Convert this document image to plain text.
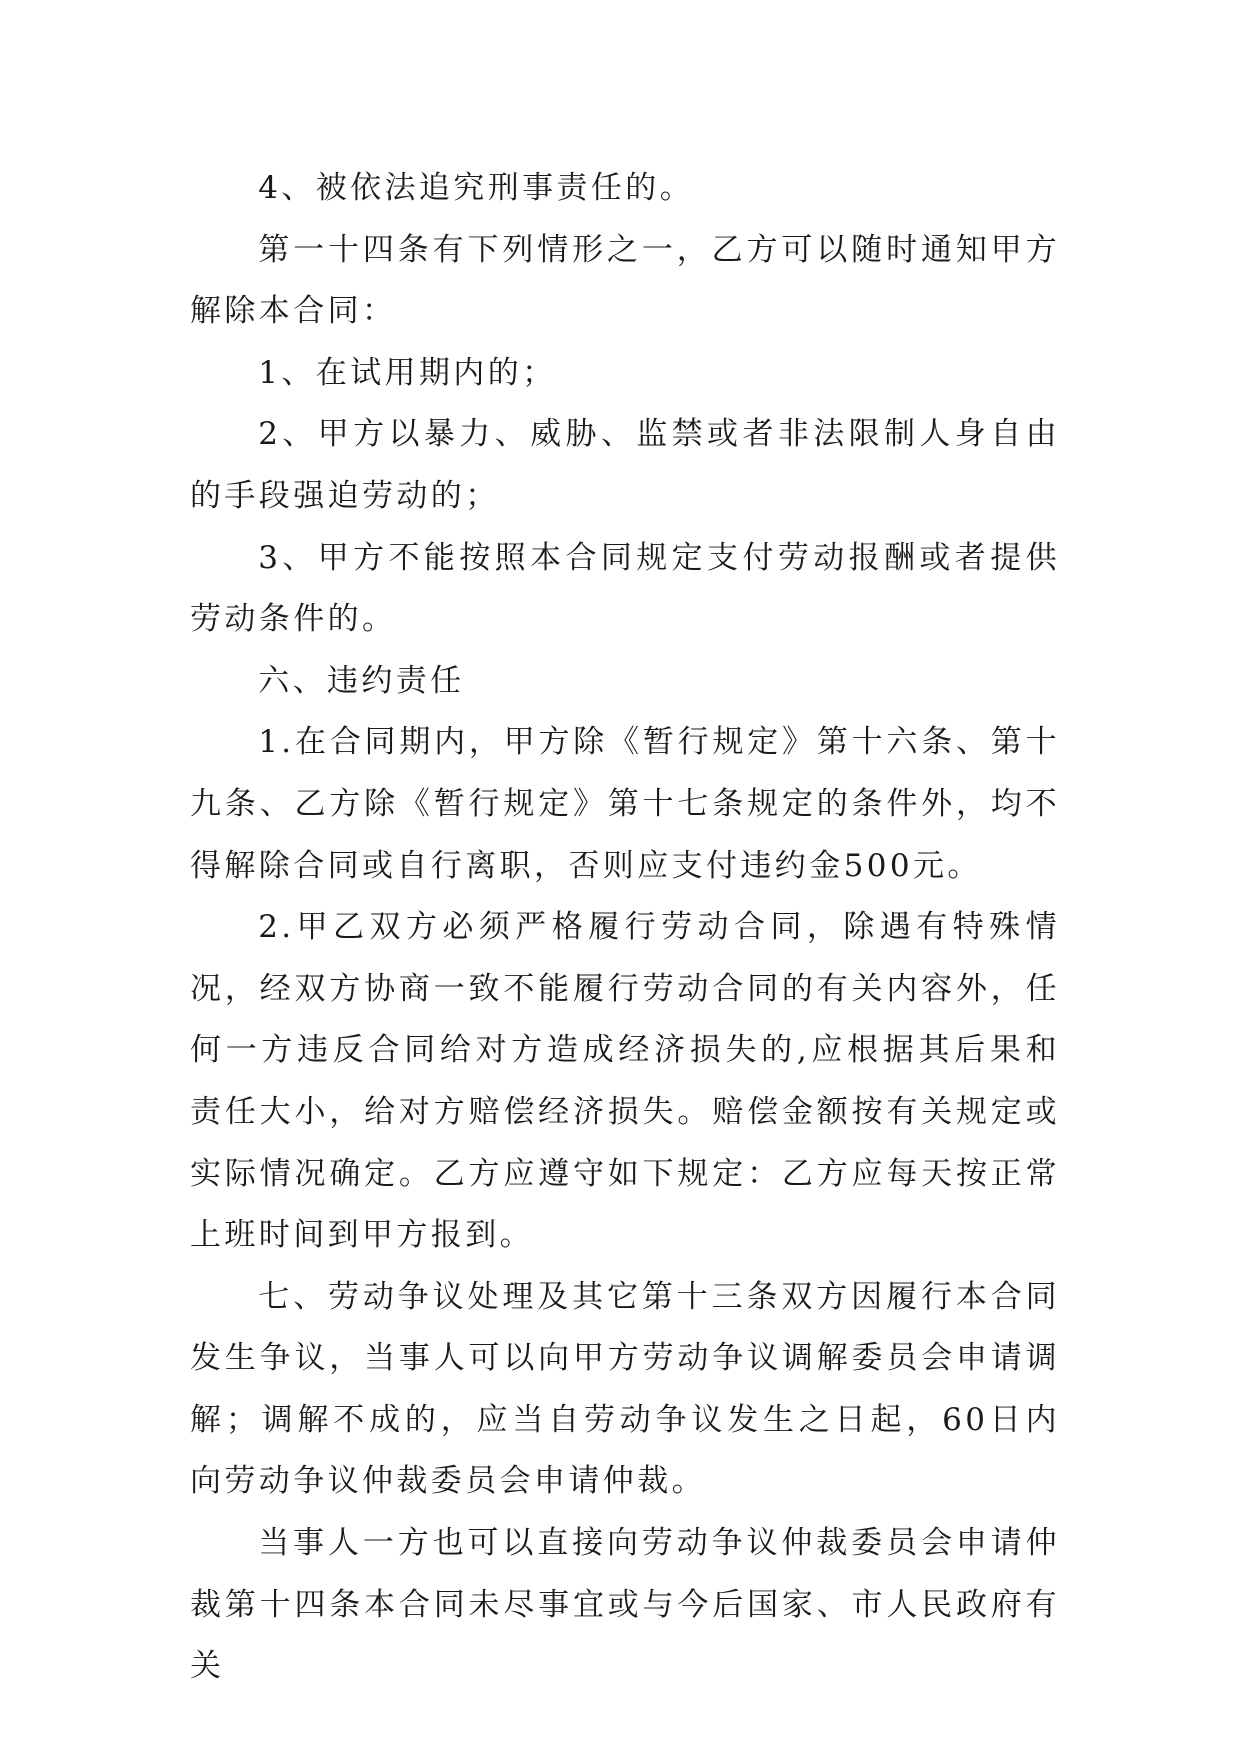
4、被依法追究刑事责任的。

第一十四条有下列情形之一，乙方可以随时通知甲方解除本合同：

1、在试用期内的；

2、甲方以暴力、威胁、监禁或者非法限制人身自由的手段强迫劳动的；

3、甲方不能按照本合同规定支付劳动报酬或者提供劳动条件的。

六、违约责任

1.在合同期内，甲方除《暂行规定》第十六条、第十九条、乙方除《暂行规定》第十七条规定的条件外，均不得解除合同或自行离职，否则应支付违约金500元。

2.甲乙双方必须严格履行劳动合同，除遇有特殊情况，经双方协商一致不能履行劳动合同的有关内容外，任何一方违反合同给对方造成经济损失的,应根据其后果和责任大小，给对方赔偿经济损失。赔偿金额按有关规定或实际情况确定。乙方应遵守如下规定：乙方应每天按正常上班时间到甲方报到。

七、劳动争议处理及其它第十三条双方因履行本合同发生争议，当事人可以向甲方劳动争议调解委员会申请调解；调解不成的，应当自劳动争议发生之日起，60日内向劳动争议仲裁委员会申请仲裁。

当事人一方也可以直接向劳动争议仲裁委员会申请仲裁第十四条本合同未尽事宜或与今后国家、市人民政府有关
